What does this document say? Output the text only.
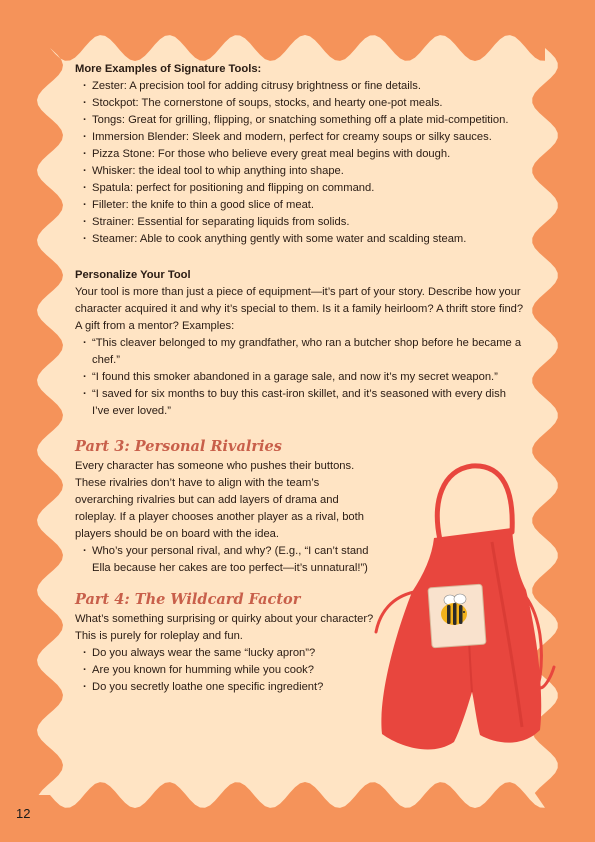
More Examples of Signature Tools:
· Zester: A precision tool for adding citrusy brightness or fine details.
· Stockpot: The cornerstone of soups, stocks, and hearty one-pot meals.
· Tongs: Great for grilling, flipping, or snatching something off a plate mid-competition.
· Immersion Blender: Sleek and modern, perfect for creamy soups or silky sauces.
· Pizza Stone: For those who believe every great meal begins with dough.
· Whisker: the ideal tool to whip anything into shape.
· Spatula: perfect for positioning and flipping on command.
· Filleter: the knife to thin a good slice of meat.
· Strainer: Essential for separating liquids from solids.
· Steamer: Able to cook anything gently with some water and scalding steam.
Personalize Your Tool

Your tool is more than just a piece of equipment—it’s part of your story. Describe how your character acquired it and why it’s special to them. Is it a family heirloom? A thrift store find? A gift from a mentor? Examples:

· “This cleaver belonged to my grandfather, who ran a butcher shop before he became a chef.”
· “I found this smoker abandoned in a garage sale, and now it’s my secret weapon.”
· “I saved for six months to buy this cast-iron skillet, and it’s seasoned with every dish I’ve ever loved.”
Part 3: Personal Rivalries

Every character has someone who pushes their buttons. These rivalries don’t have to align with the team’s overarching rivalries but can add layers of drama and roleplay. If a player chooses another player as a rival, both players should be on board with the idea.

· Who’s your personal rival, and why? (E.g., “I can’t stand Ella because her cakes are too perfect—it’s unnatural!”)
Part 4: The Wildcard Factor

What’s something surprising or quirky about your character? This is purely for roleplay and fun.

· Do you always wear the same “lucky apron”?
· Are you known for humming while you cook?
· Do you secretly loathe one specific ingredient?
12
